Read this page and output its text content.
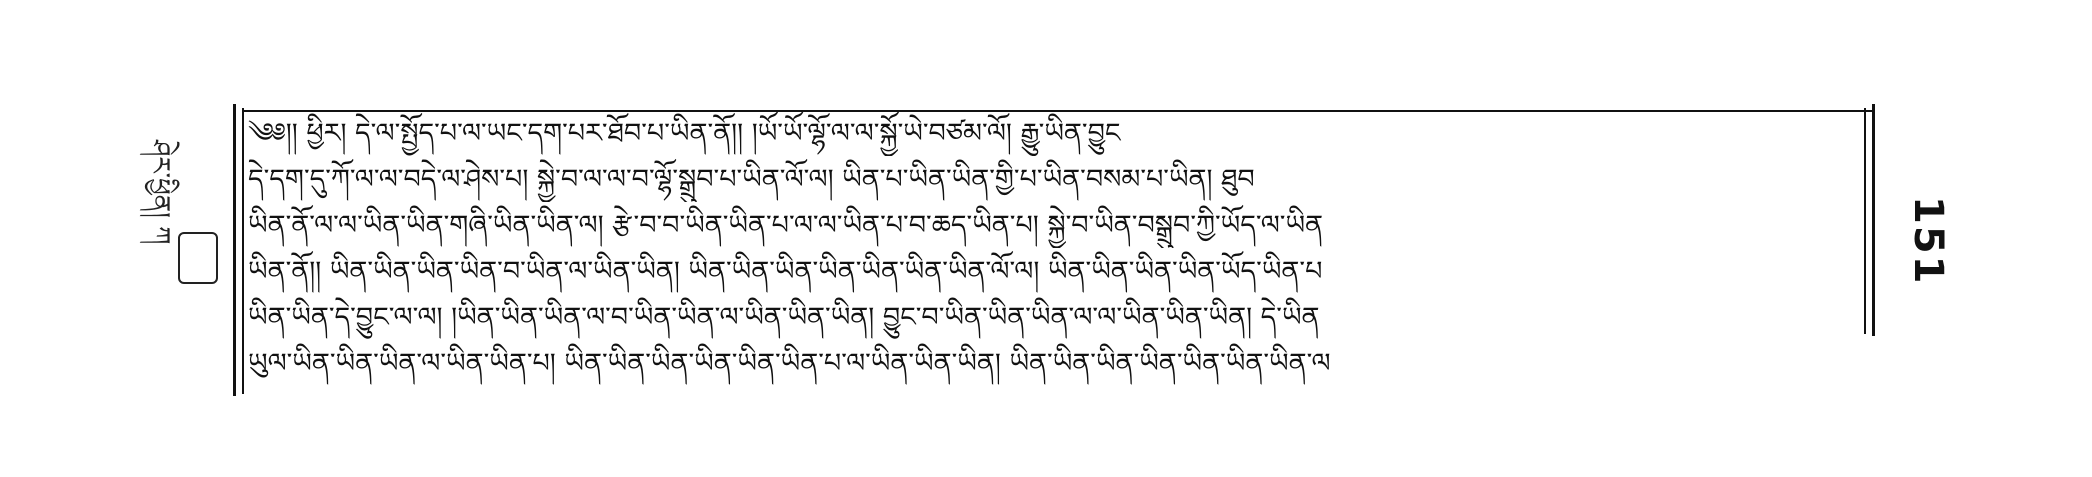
ཤེར་ཕྱིན། ཀ
༄༅།། ཕྱིར། དེ་ལ་སྤྱོད་པ་ལ་ཡང་དག་པར་ཐོབ་པ་ཡིན་ནོ།། །ཡོ་ཡོ་ལྷོ་ལ་ལ་སྐྱོ་ཡེ་བཙམ་ལོ། རྒྱུ་ཡིན་བྱུང
དེ་དག་དུ་ཀོ་ལ་ལ་བདེ་ལ་ཤེས་པ། སྐྱེ་བ་ལ་ལ་བ་ལྷོ་སྒྲུབ་པ་ཡིན་ལོ་ལ། ཡིན་པ་ཡིན་ཡིན་གྱི་པ་ཡིན་བསམ་པ་ཡིན། ཐུབ
ཡིན་ནོ་ལ་ལ་ཡིན་ཡིན་གཞི་ཡིན་ཡིན་ལ། རྩེ་བ་བ་ཡིན་ཡིན་པ་ལ་ལ་ཡིན་པ་བ་ཆད་ཡིན་པ། སྐྱེ་བ་ཡིན་བསྒྲུབ་ཀྱི་ཡོད་ལ་ཡིན
ཡིན་ནོ།། ཡིན་ཡིན་ཡིན་ཡིན་བ་ཡིན་ལ་ཡིན་ཡིན། ཡིན་ཡིན་ཡིན་ཡིན་ཡིན་ཡིན་ཡིན་ལོ་ལ། ཡིན་ཡིན་ཡིན་ཡིན་ཡོད་ཡིན་པ
ཡིན་ཡིན་དེ་བྱུང་ལ་ལ། །ཡིན་ཡིན་ཡིན་ལ་བ་ཡིན་ཡིན་ལ་ཡིན་ཡིན་ཡིན། བྱུང་བ་ཡིན་ཡིན་ཡིན་ལ་ལ་ཡིན་ཡིན་ཡིན། དེ་ཡིན
ཡུལ་ཡིན་ཡིན་ཡིན་ལ་ཡིན་ཡིན་པ། ཡིན་ཡིན་ཡིན་ཡིན་ཡིན་ཡིན་པ་ལ་ཡིན་ཡིན་ཡིན། ཡིན་ཡིན་ཡིན་ཡིན་ཡིན་ཡིན་ཡིན་ལ
151
